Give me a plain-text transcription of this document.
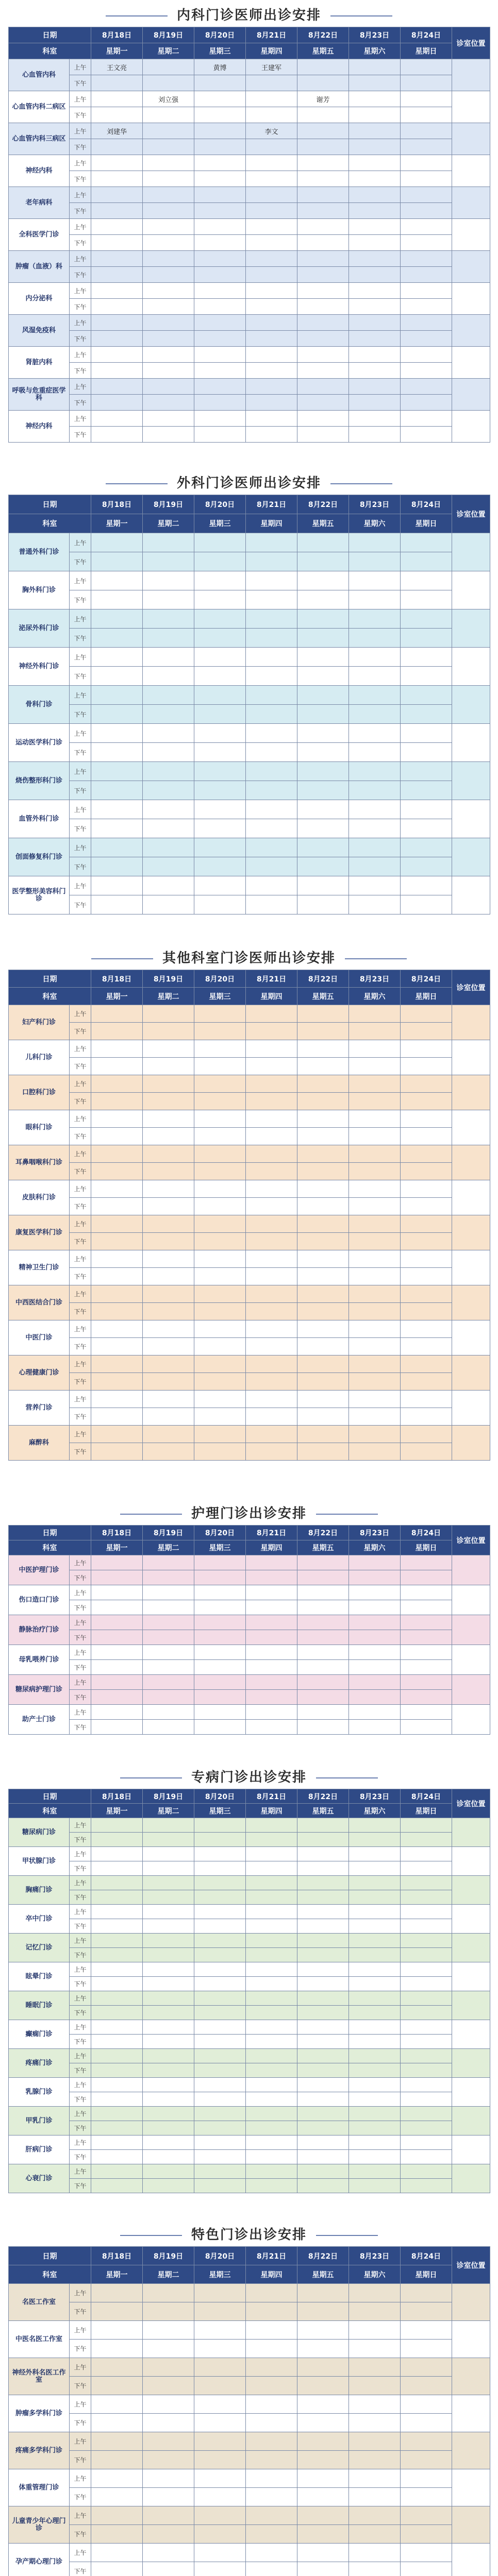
内科门诊医师出诊安排
日期		8月18日	8月19日	8月20日	8月21日	8月22日	8月23日	8月24日	诊室位置
科室		星期一	星期二	星期三	星期四	星期五	星期六	星期日	
心血管内科	上午	王文亮		黄博	王建军				
	下午								
心血管内科二病区	上午		刘立强			谢芳			
	下午								
心血管内科三病区	上午	刘建华			李文				
	下午								
神经内科	上午								
	下午								
老年病科	上午								
	下午								
全科医学门诊	上午								
	下午								
肿瘤（血液）科	上午								
	下午								
内分泌科	上午								
	下午								
风湿免疫科	上午								
	下午								
肾脏内科	上午								
	下午								
呼吸与危重症医学科	上午								
	下午								
神经内科	上午								
	下午								
外科门诊医师出诊安排
日期		8月18日	8月19日	8月20日	8月21日	8月22日	8月23日	8月24日	诊室位置
科室		星期一	星期二	星期三	星期四	星期五	星期六	星期日	
普通外科门诊	上午								
	下午								
胸外科门诊	上午								
	下午								
泌尿外科门诊	上午								
	下午								
神经外科门诊	上午								
	下午								
骨科门诊	上午								
	下午								
运动医学科门诊	上午								
	下午								
烧伤整形科门诊	上午								
	下午								
血管外科门诊	上午								
	下午								
创面修复科门诊	上午								
	下午								
医学整形美容科门诊	上午								
	下午								
其他科室门诊医师出诊安排
日期		8月18日	8月19日	8月20日	8月21日	8月22日	8月23日	8月24日	诊室位置
科室		星期一	星期二	星期三	星期四	星期五	星期六	星期日	
妇产科门诊	上午								
	下午								
儿科门诊	上午								
	下午								
口腔科门诊	上午								
	下午								
眼科门诊	上午								
	下午								
耳鼻咽喉科门诊	上午								
	下午								
皮肤科门诊	上午								
	下午								
康复医学科门诊	上午								
	下午								
精神卫生门诊	上午								
	下午								
中西医结合门诊	上午								
	下午								
中医门诊	上午								
	下午								
心理健康门诊	上午								
	下午								
营养门诊	上午								
	下午								
麻醉科	上午								
	下午								
护理门诊出诊安排
日期		8月18日	8月19日	8月20日	8月21日	8月22日	8月23日	8月24日	诊室位置
科室		星期一	星期二	星期三	星期四	星期五	星期六	星期日	
中医护理门诊	上午								
	下午								
伤口造口门诊	上午								
	下午								
静脉治疗门诊	上午								
	下午								
母乳喂养门诊	上午								
	下午								
糖尿病护理门诊	上午								
	下午								
助产士门诊	上午								
	下午								
专病门诊出诊安排
日期		8月18日	8月19日	8月20日	8月21日	8月22日	8月23日	8月24日	诊室位置
科室		星期一	星期二	星期三	星期四	星期五	星期六	星期日	
糖尿病门诊	上午								
	下午								
甲状腺门诊	上午								
	下午								
胸痛门诊	上午								
	下午								
卒中门诊	上午								
	下午								
记忆门诊	上午								
	下午								
眩晕门诊	上午								
	下午								
睡眠门诊	上午								
	下午								
癫痫门诊	上午								
	下午								
疼痛门诊	上午								
	下午								
乳腺门诊	上午								
	下午								
甲乳门诊	上午								
	下午								
肝病门诊	上午								
	下午								
心衰门诊	上午								
	下午								
特色门诊出诊安排
日期		8月18日	8月19日	8月20日	8月21日	8月22日	8月23日	8月24日	诊室位置
科室		星期一	星期二	星期三	星期四	星期五	星期六	星期日	
名医工作室	上午								
	下午								
中医名医工作室	上午								
	下午								
神经外科名医工作室	上午								
	下午								
肿瘤多学科门诊	上午								
	下午								
疼痛多学科门诊	上午								
	下午								
体重管理门诊	上午								
	下午								
儿童青少年心理门诊	上午								
	下午								
孕产期心理门诊	上午								
	下午								
